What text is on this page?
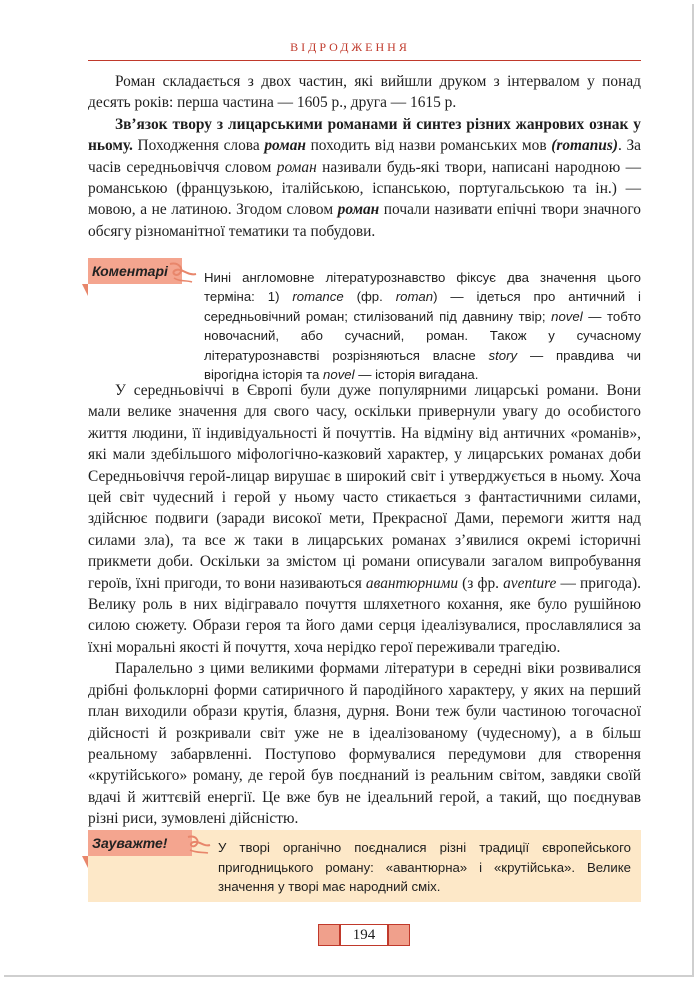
ВІДРОДЖЕННЯ

Роман складається з двох частин, які вийшли друком з інтервалом у понад десять років: перша частина — 1605 р., друга — 1615 р.

Зв’язок твору з лицарськими романами й синтез різних жанрових ознак у ньому. Походження слова роман походить від назви романських мов (romanus). За часів середньовіччя словом роман називали будь-які твори, написані народною — романською (французькою, італійською, іспанською, португальською та ін.) — мовою, а не латиною. Згодом словом роман почали називати епічні твори значного обсягу різноманітної тематики та побудови.

Нині англомовне літературознавство фіксує два значення цього терміна: 1) romance (фр. roman) — ідеться про античний і середньовічний роман; стилізований під давнину твір; novel — тобто новочасний, або сучасний, роман. Також у сучасному літературознавстві розрізняються власне story — правдива чи вірогідна історія та novel — історія вигадана.
Коментарі

У середньовіччі в Європі були дуже популярними лицарські романи. Вони мали велике значення для свого часу, оскільки привернули увагу до особистого життя людини, її індивідуальності й почуттів. На відміну від античних «романів», які мали здебільшого міфологічно-казковий характер, у лицарських романах доби Середньовіччя герой-лицар вирушає в широкий світ і утверджується в ньому. Хоча цей світ чудесний і герой у ньому часто стикається з фантастичними силами, здійснює подвиги (заради високої мети, Прекрасної Дами, перемоги життя над силами зла), та все ж таки в лицарських романах з’явилися окремі історичні прикмети доби. Оскільки за змістом ці романи описували загалом випробування героїв, їхні пригоди, то вони називаються авантюрними (з фр. aventure — пригода). Велику роль в них відігравало почуття шляхетного кохання, яке було рушійною силою сюжету. Образи героя та його дами серця ідеалізувалися, прославлялися за їхні моральні якості й почуття, хоча нерідко герої переживали трагедію.

Паралельно з цими великими формами літератури в середні віки розвивалися дрібні фольклорні форми сатиричного й пародійного характеру, у яких на перший план виходили образи крутія, блазня, дурня. Вони теж були частиною тогочасної дійсності й розкривали світ уже не в ідеалізованому (чудесному), а в більш реальному забарвленні. Поступово формувалися передумови для створення «крутійського» роману, де герой був поєднаний із реальним світом, завдяки своїй вдачі й життєвій енергії. Це вже був не ідеальний герой, а такий, що поєднував різні риси, зумовлені дійсністю.

У творі органічно поєдналися різні традиції європейського пригодницького роману: «авантюрна» і «крутійська». Велике значення у творі має народний сміх.
Зауважте!
194
